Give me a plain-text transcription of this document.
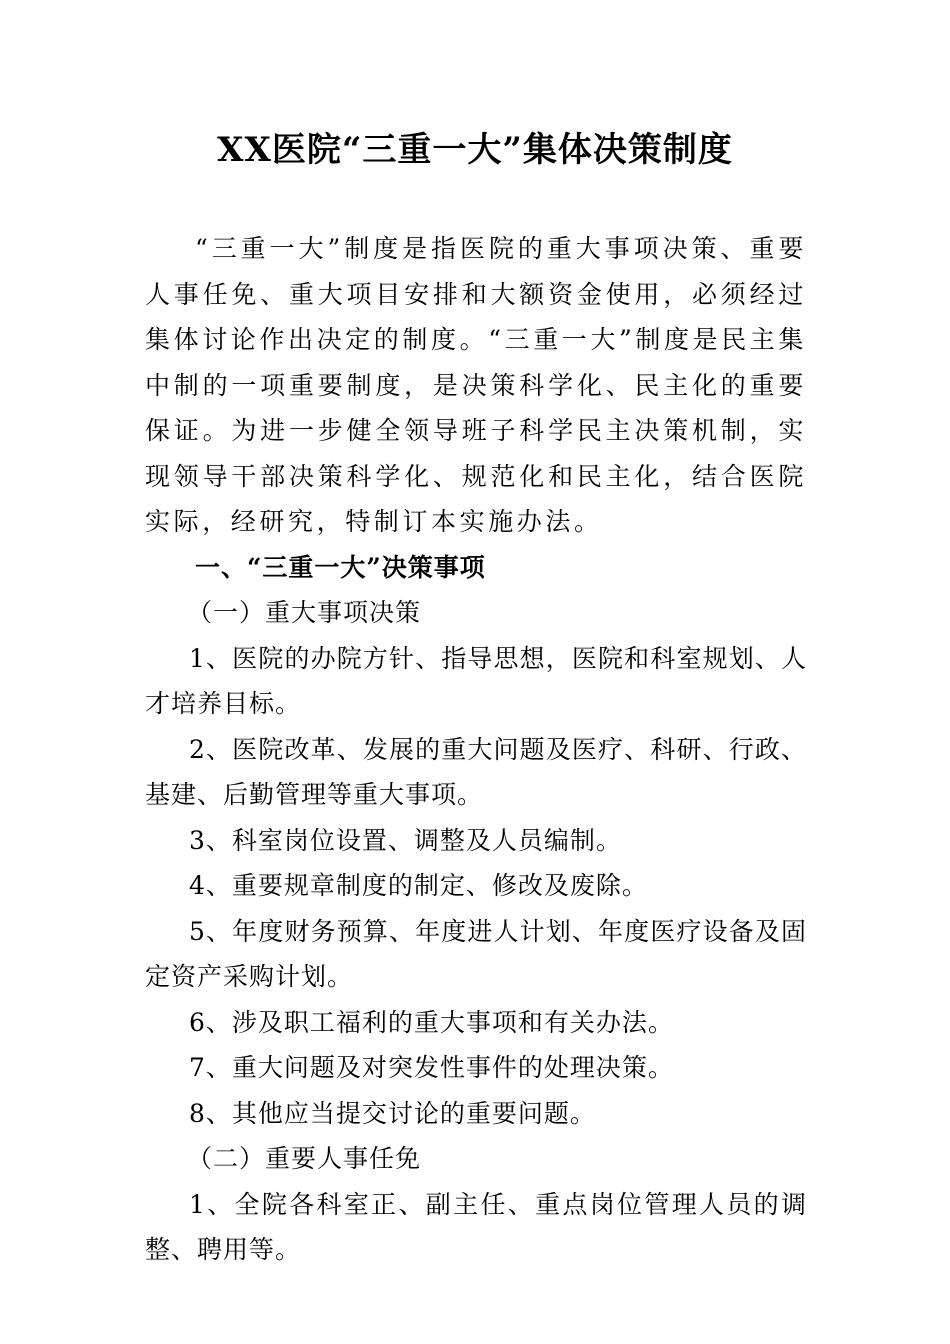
XX医院“三重一大”集体决策制度

“三重一大”制度是指医院的重大事项决策、重要人事任免、重大项目安排和大额资金使用，必须经过集体讨论作出决定的制度。“三重一大”制度是民主集中制的一项重要制度，是决策科学化、民主化的重要保证。为进一步健全领导班子科学民主决策机制，实现领导干部决策科学化、规范化和民主化，结合医院实际，经研究，特制订本实施办法。

一、“三重一大”决策事项

（一）重大事项决策

1、医院的办院方针、指导思想，医院和科室规划、人才培养目标。

2、医院改革、发展的重大问题及医疗、科研、行政、基建、后勤管理等重大事项。

3、科室岗位设置、调整及人员编制。

4、重要规章制度的制定、修改及废除。

5、年度财务预算、年度进人计划、年度医疗设备及固定资产采购计划。

6、涉及职工福利的重大事项和有关办法。

7、重大问题及对突发性事件的处理决策。

8、其他应当提交讨论的重要问题。

（二）重要人事任免

1、全院各科室正、副主任、重点岗位管理人员的调整、聘用等。
